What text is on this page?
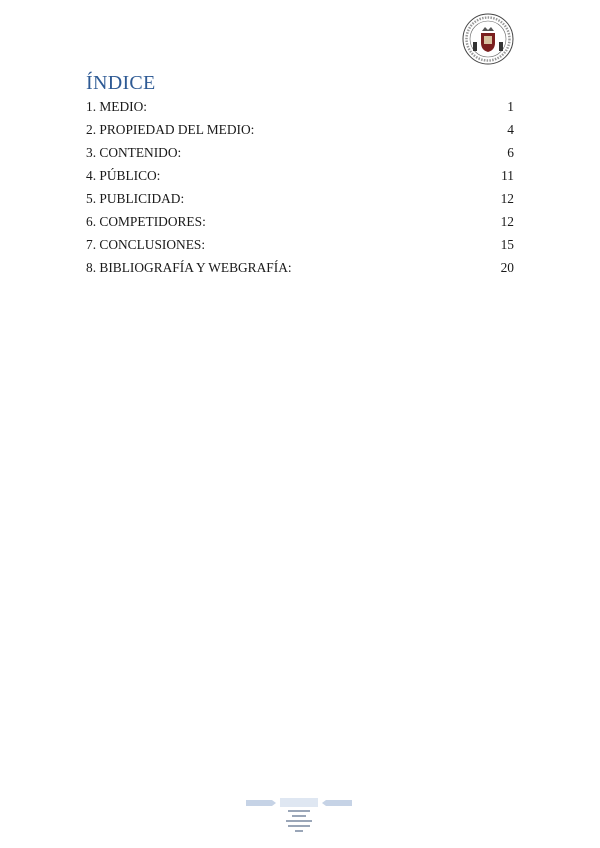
ÍNDICE
1. MEDIO:	1
2. PROPIEDAD DEL MEDIO:	4
3. CONTENIDO:	6
4. PÚBLICO:	11
5. PUBLICIDAD:	12
6. COMPETIDORES:	12
7. CONCLUSIONES:	15
8. BIBLIOGRAFÍA Y WEBGRAFÍA:	20
